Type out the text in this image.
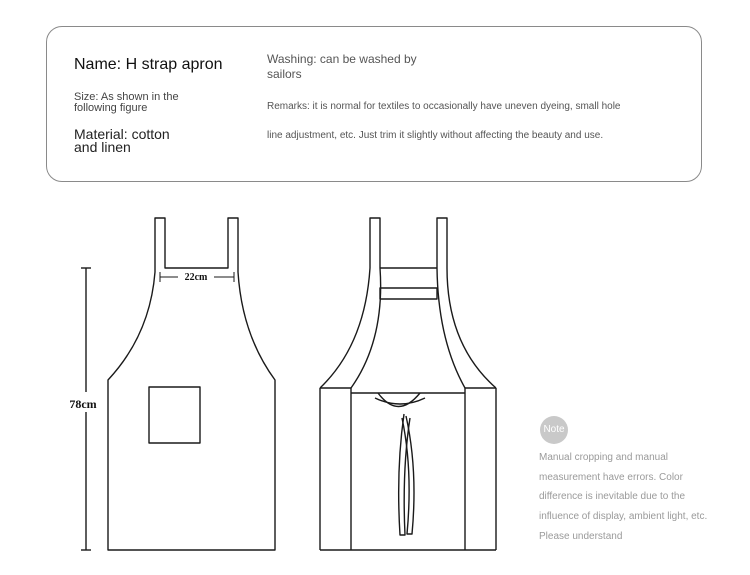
Name: H strap apron

Size: As shown in the following figure

Material: cotton and linen

Washing: can be washed by sailors

Remarks: it is normal for textiles to occasionally have uneven dyeing, small hole

line adjustment, etc. Just trim it slightly without affecting the beauty and use.

22cm
78cm
Note
Manual cropping and manual measurement have errors. Color difference is inevitable due to the influence of display, ambient light, etc. Please understand
